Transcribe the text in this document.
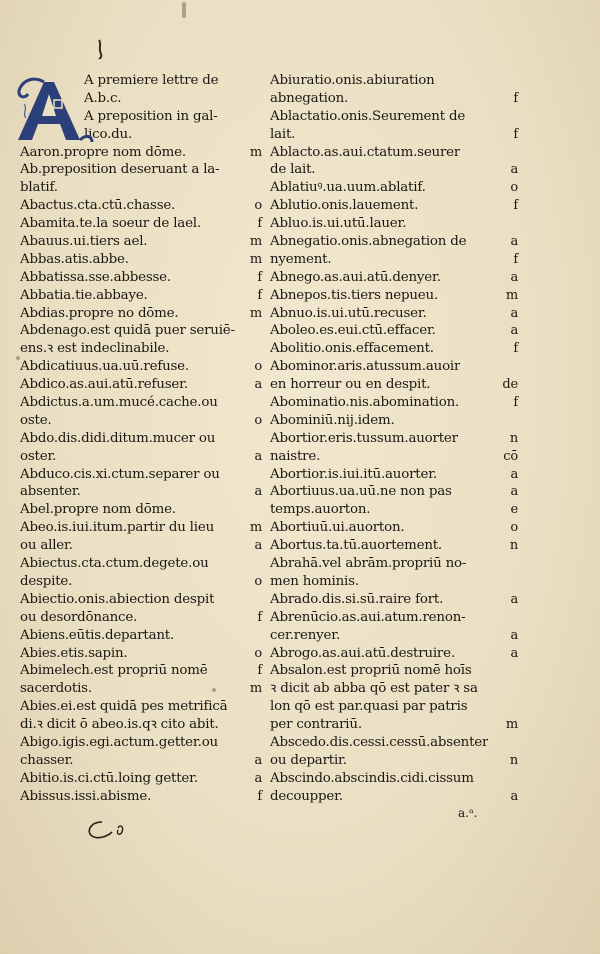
A premiere lettre de
A.b.c.
A preposition in gal-
lico.du.
Aaron.propre nom dōme.	m
Ab.preposition deseruant a la-
blatif.
Abactus.cta.ctū.chasse.	o
Abamita.te.la soeur de lael.	f
Abauus.ui.tiers ael.	m
Abbas.atis.abbe.	m
Abbatissa.sse.abbesse.	f
Abbatia.tie.abbaye.	f
Abdias.propre no dōme.	m
Abdenago.est quidā puer seruiē-
ens.ꝛ est indeclinabile.
Abdicatiuus.ua.uū.refuse.	o
Abdico.as.aui.atū.refuser.	a
Abdictus.a.um.mucé.cache.ou
oste.	o
Abdo.dis.didi.ditum.mucer ou
oster.	a
Abduco.cis.xi.ctum.separer ou
absenter.	a
Abel.propre nom dōme.
Abeo.is.iui.itum.partir du lieu	m
ou aller.	a
Abiectus.cta.ctum.degete.ou
despite.	o
Abiectio.onis.abiection despit
ou desordōnance.	f
Abiens.eūtis.departant.
Abies.etis.sapin.	o
Abimelech.est propriū nomē	f
sacerdotis.	m
Abies.ei.est quidā pes metrificā
di.ꝛ dicit ō abeo.is.qꝛ cito abit.
Abigo.igis.egi.actum.getter.ou
chasser.	a
Abitio.is.ci.ctū.loing getter.	a
Abissus.issi.abisme.	f
Abiuratio.onis.abiuration
abnegation.	f
Ablactatio.onis.Seurement de
lait.	f
Ablacto.as.aui.ctatum.seurer
de lait.	a
Ablatiuꝰ.ua.uum.ablatif.	o
Ablutio.onis.lauement.	f
Abluo.is.ui.utū.lauer.
Abnegatio.onis.abnegation de	a
nyement.	f
Abnego.as.aui.atū.denyer.	a
Abnepos.tis.tiers nepueu.	m
Abnuo.is.ui.utū.recuser.	a
Aboleo.es.eui.ctū.effacer.	a
Abolitio.onis.effacement.	f
Abominor.aris.atussum.auoir
en horreur ou en despit.	de
Abominatio.nis.abomination.	f
Abominiū.nij.idem.
Abortior.eris.tussum.auorter	n
naistre.	cō
Abortior.is.iui.itū.auorter.	a
Abortiuus.ua.uū.ne non pas	a
temps.auorton.	e
Abortiuū.ui.auorton.	o
Abortus.ta.tū.auortement.	n
Abrahā.vel abrām.propriū no-
men hominis.
Abrado.dis.si.sū.raire fort.	a
Abrenūcio.as.aui.atum.renon-
cer.renyer.	a
Abrogo.as.aui.atū.destruire.	a
Absalon.est propriū nomē hoīs
ꝛ dicit ab abba qō est pater ꝛ sa
lon qō est par.quasi par patris
per contrariū.	m
Abscedo.dis.cessi.cessū.absenter
ou departir.	n
Abscindo.abscindis.cidi.cissum
decoupper.	a
a.ᵃ.
